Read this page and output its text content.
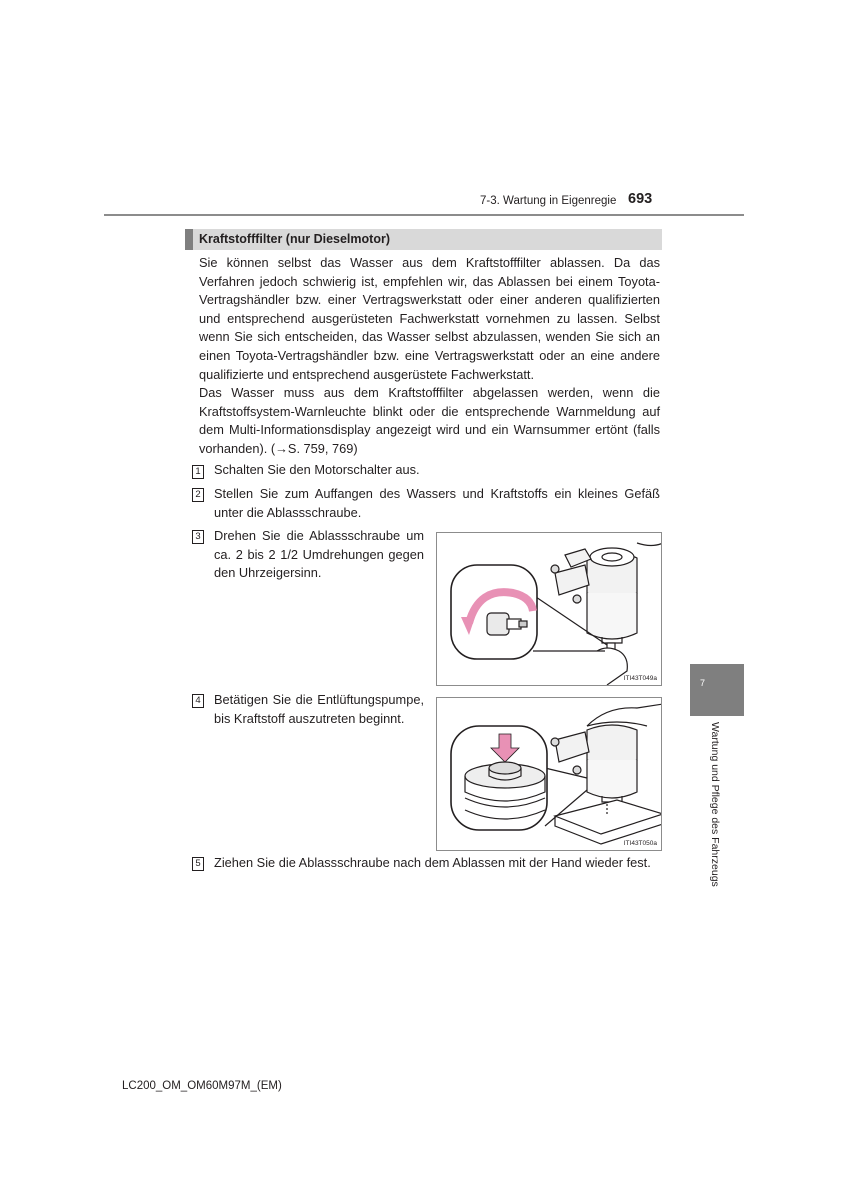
7-3. Wartung in Eigenregie 693
Kraftstofffilter (nur Dieselmotor)
Sie können selbst das Wasser aus dem Kraftstofffilter ablassen. Da das Verfahren jedoch schwierig ist, empfehlen wir, das Ablassen bei einem Toyota-Vertragshändler bzw. einer Vertragswerkstatt oder einer anderen qualifizierten und entsprechend ausgerüsteten Fachwerkstatt vornehmen zu lassen. Selbst wenn Sie sich entscheiden, das Wasser selbst abzulassen, wenden Sie sich an einen Toyota-Vertragshändler bzw. eine Vertragswerkstatt oder an eine andere qualifizierte und entsprechend ausgerüstete Fachwerkstatt.
Das Wasser muss aus dem Kraftstofffilter abgelassen werden, wenn die Kraftstoffsystem-Warnleuchte blinkt oder die entsprechende Warnmeldung auf dem Multi-Informationsdisplay angezeigt wird und ein Warnsummer ertönt (falls vorhanden). (→S. 759, 769)
1 Schalten Sie den Motorschalter aus.
2 Stellen Sie zum Auffangen des Wassers und Kraftstoffs ein kleines Gefäß unter die Ablassschraube.
3 Drehen Sie die Ablassschraube um ca. 2 bis 2 1/2 Umdrehungen gegen den Uhrzeigersinn.
4 Betätigen Sie die Entlüftungspumpe, bis Kraftstoff auszutreten beginnt.
5 Ziehen Sie die Ablassschraube nach dem Ablassen mit der Hand wieder fest.
ITI43T049a
ITI43T050a
7
Wartung und Pflege des Fahrzeugs
LC200_OM_OM60M97M_(EM)
